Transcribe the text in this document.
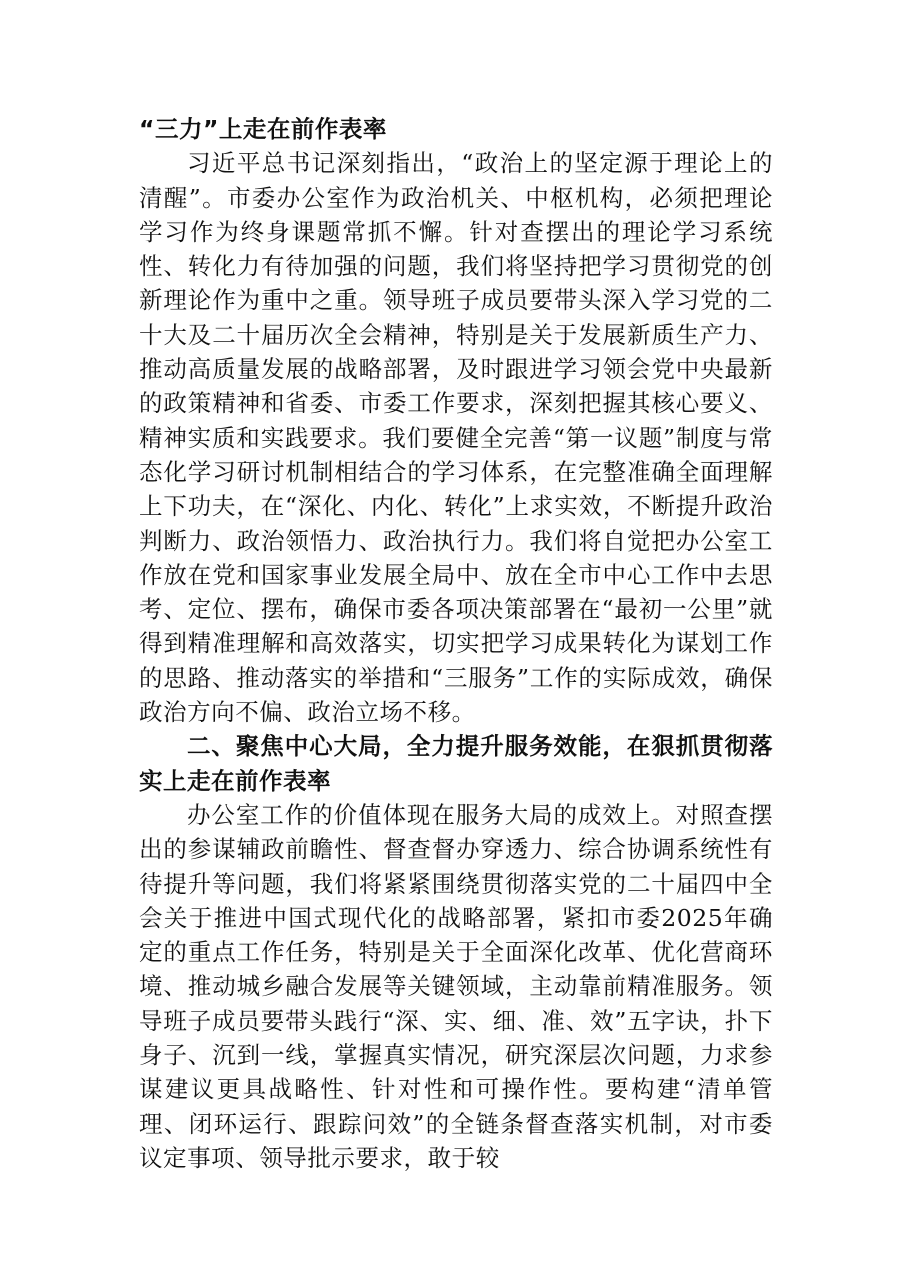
“三力”上走在前作表率

习近平总书记深刻指出，“政治上的坚定源于理论上的清醒”。市委办公室作为政治机关、中枢机构，必须把理论学习作为终身课题常抓不懈。针对查摆出的理论学习系统性、转化力有待加强的问题，我们将坚持把学习贯彻党的创新理论作为重中之重。领导班子成员要带头深入学习党的二十大及二十届历次全会精神，特别是关于发展新质生产力、推动高质量发展的战略部署，及时跟进学习领会党中央最新的政策精神和省委、市委工作要求，深刻把握其核心要义、精神实质和实践要求。我们要健全完善“第一议题”制度与常态化学习研讨机制相结合的学习体系，在完整准确全面理解上下功夫，在“深化、内化、转化”上求实效，不断提升政治判断力、政治领悟力、政治执行力。我们将自觉把办公室工作放在党和国家事业发展全局中、放在全市中心工作中去思考、定位、摆布，确保市委各项决策部署在“最初一公里”就得到精准理解和高效落实，切实把学习成果转化为谋划工作的思路、推动落实的举措和“三服务”工作的实际成效，确保政治方向不偏、政治立场不移。

二、聚焦中心大局，全力提升服务效能，在狠抓贯彻落实上走在前作表率

办公室工作的价值体现在服务大局的成效上。对照查摆出的参谋辅政前瞻性、督查督办穿透力、综合协调系统性有待提升等问题，我们将紧紧围绕贯彻落实党的二十届四中全会关于推进中国式现代化的战略部署，紧扣市委2025年确定的重点工作任务，特别是关于全面深化改革、优化营商环境、推动城乡融合发展等关键领域，主动靠前精准服务。领导班子成员要带头践行“深、实、细、准、效”五字诀，扑下身子、沉到一线，掌握真实情况，研究深层次问题，力求参谋建议更具战略性、针对性和可操作性。要构建“清单管理、闭环运行、跟踪问效”的全链条督查落实机制，对市委议定事项、领导批示要求，敢于较
